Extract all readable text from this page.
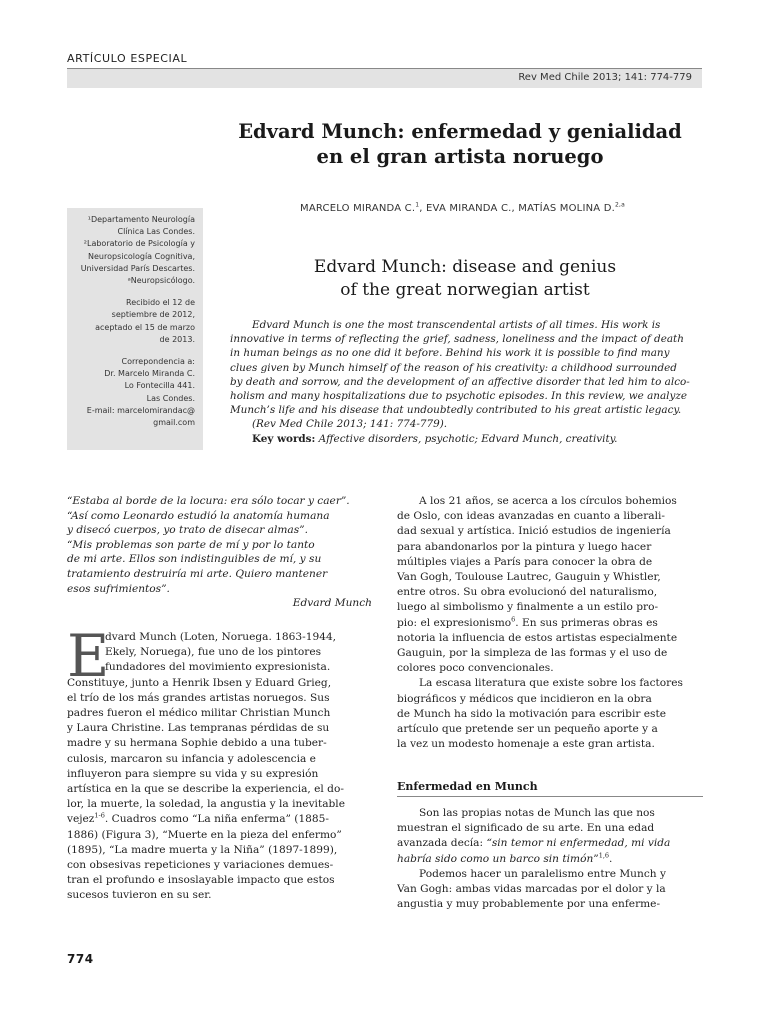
ARTÍCULO ESPECIAL
Rev Med Chile 2013; 141: 774-779
Edvard Munch: enfermedad y genialidad
en el gran artista noruego
MARCELO MIRANDA C.$^1$, EVA MIRANDA C., MATÍAS MOLINA D.$^{2,a}$
¹Departamento Neurología
Clínica Las Condes.
²Laboratorio de Psicología y
Neuropsicología Cognitiva,
Universidad París Descartes.
ᵃNeuropsicólogo.
Recibido el 12 de
septiembre de 2012,
aceptado el 15 de marzo
de 2013.
Correpondencia a:
Dr. Marcelo Miranda C.
Lo Fontecilla 441.
Las Condes.
E-mail: marcelomirandac@
gmail.com
Edvard Munch: disease and genius
of the great norwegian artist
Edvard Munch is one the most transcendental artists of all times. His work is
innovative in terms of reflecting the grief, sadness, loneliness and the impact of death
in human beings as no one did it before. Behind his work it is possible to find many
clues given by Munch himself of the reason of his creativity: a childhood surrounded
by death and sorrow, and the development of an affective disorder that led him to alco-
holism and many hospitalizations due to psychotic episodes. In this review, we analyze
Munch’s life and his disease that undoubtedly contributed to his great artistic legacy.
(Rev Med Chile 2013; 141: 774-779).
Key words: Affective disorders, psychotic; Edvard Munch, creativity.
“Estaba al borde de la locura: era sólo tocar y caer”.
“Así como Leonardo estudió la anatomía humana
y disecó cuerpos, yo trato de disecar almas”.
“Mis problemas son parte de mí y por lo tanto
de mi arte. Ellos son indistinguibles de mí, y su
tratamiento destruiría mi arte. Quiero mantener
esos sufrimientos”.
Edvard Munch
E
dvard Munch (Loten, Noruega. 1863-1944,
Ekely, Noruega), fue uno de los pintores
fundadores del movimiento expresionista.
Constituye, junto a Henrik Ibsen y Eduard Grieg,
el trío de los más grandes artistas noruegos. Sus
padres fueron el médico militar Christian Munch
y Laura Christine. Las tempranas pérdidas de su
madre y su hermana Sophie debido a una tuber-
culosis, marcaron su infancia y adolescencia e
influyeron para siempre su vida y su expresión
artística en la que se describe la experiencia, el do-
lor, la muerte, la soledad, la angustia y la inevitable
vejez$^{1-6}$. Cuadros como “La niña enferma” (1885-
1886) (Figura 3), “Muerte en la pieza del enfermo”
(1895), “La madre muerta y la Niña” (1897-1899),
con obsesivas repeticiones y variaciones demues-
tran el profundo e insoslayable impacto que estos
sucesos tuvieron en su ser.
A los 21 años, se acerca a los círculos bohemios
de Oslo, con ideas avanzadas en cuanto a liberali-
dad sexual y artística. Inició estudios de ingeniería
para abandonarlos por la pintura y luego hacer
múltiples viajes a París para conocer la obra de
Van Gogh, Toulouse Lautrec, Gauguin y Whistler,
entre otros. Su obra evolucionó del naturalismo,
luego al simbolismo y finalmente a un estilo pro-
pio: el expresionismo$^6$. En sus primeras obras es
notoria la influencia de estos artistas especialmente
Gauguin, por la simpleza de las formas y el uso de
colores poco convencionales.
La escasa literatura que existe sobre los factores
biográficos y médicos que incidieron en la obra
de Munch ha sido la motivación para escribir este
artículo que pretende ser un pequeño aporte y a
la vez un modesto homenaje a este gran artista.
Enfermedad en Munch
Son las propias notas de Munch las que nos
muestran el significado de su arte. En una edad
avanzada decía: “sin temor ni enfermedad, mi vida
habría sido como un barco sin timón”$^{1,6}$.
Podemos hacer un paralelismo entre Munch y
Van Gogh: ambas vidas marcadas por el dolor y la
angustia y muy probablemente por una enferme-
774
